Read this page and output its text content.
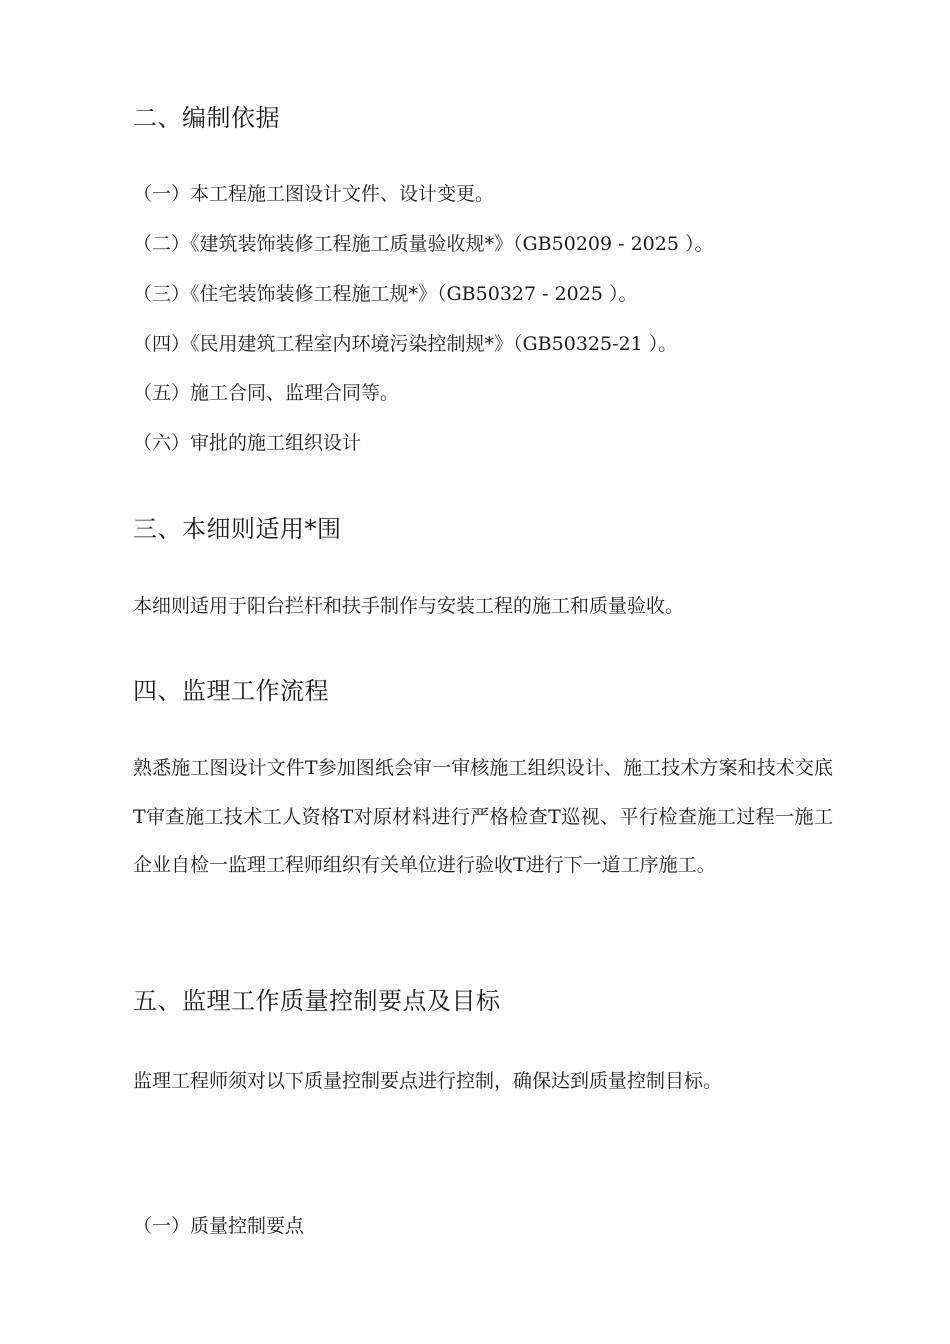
二、编制依据
（一）本工程施工图设计文件、设计变更。
（二）《建筑装饰装修工程施工质量验收规*》（GB50209 - 2025 ）。
（三）《住宅装饰装修工程施工规*》（GB50327 - 2025 ）。
（四）《民用建筑工程室内环境污染控制规*》（GB50325-21 ）。
（五）施工合同、监理合同等。
（六）审批的施工组织设计
三、本细则适用*围
本细则适用于阳台拦杆和扶手制作与安装工程的施工和质量验收。
四、监理工作流程
熟悉施工图设计文件T参加图纸会审一审核施工组织设计、施工技术方案和技术交底T审查施工技术工人资格T对原材料进行严格检查T巡视、平行检查施工过程一施工企业自检一监理工程师组织有关单位进行验收T进行下一道工序施工。
五、监理工作质量控制要点及目标
监理工程师须对以下质量控制要点进行控制，确保达到质量控制目标。
（一）质量控制要点
